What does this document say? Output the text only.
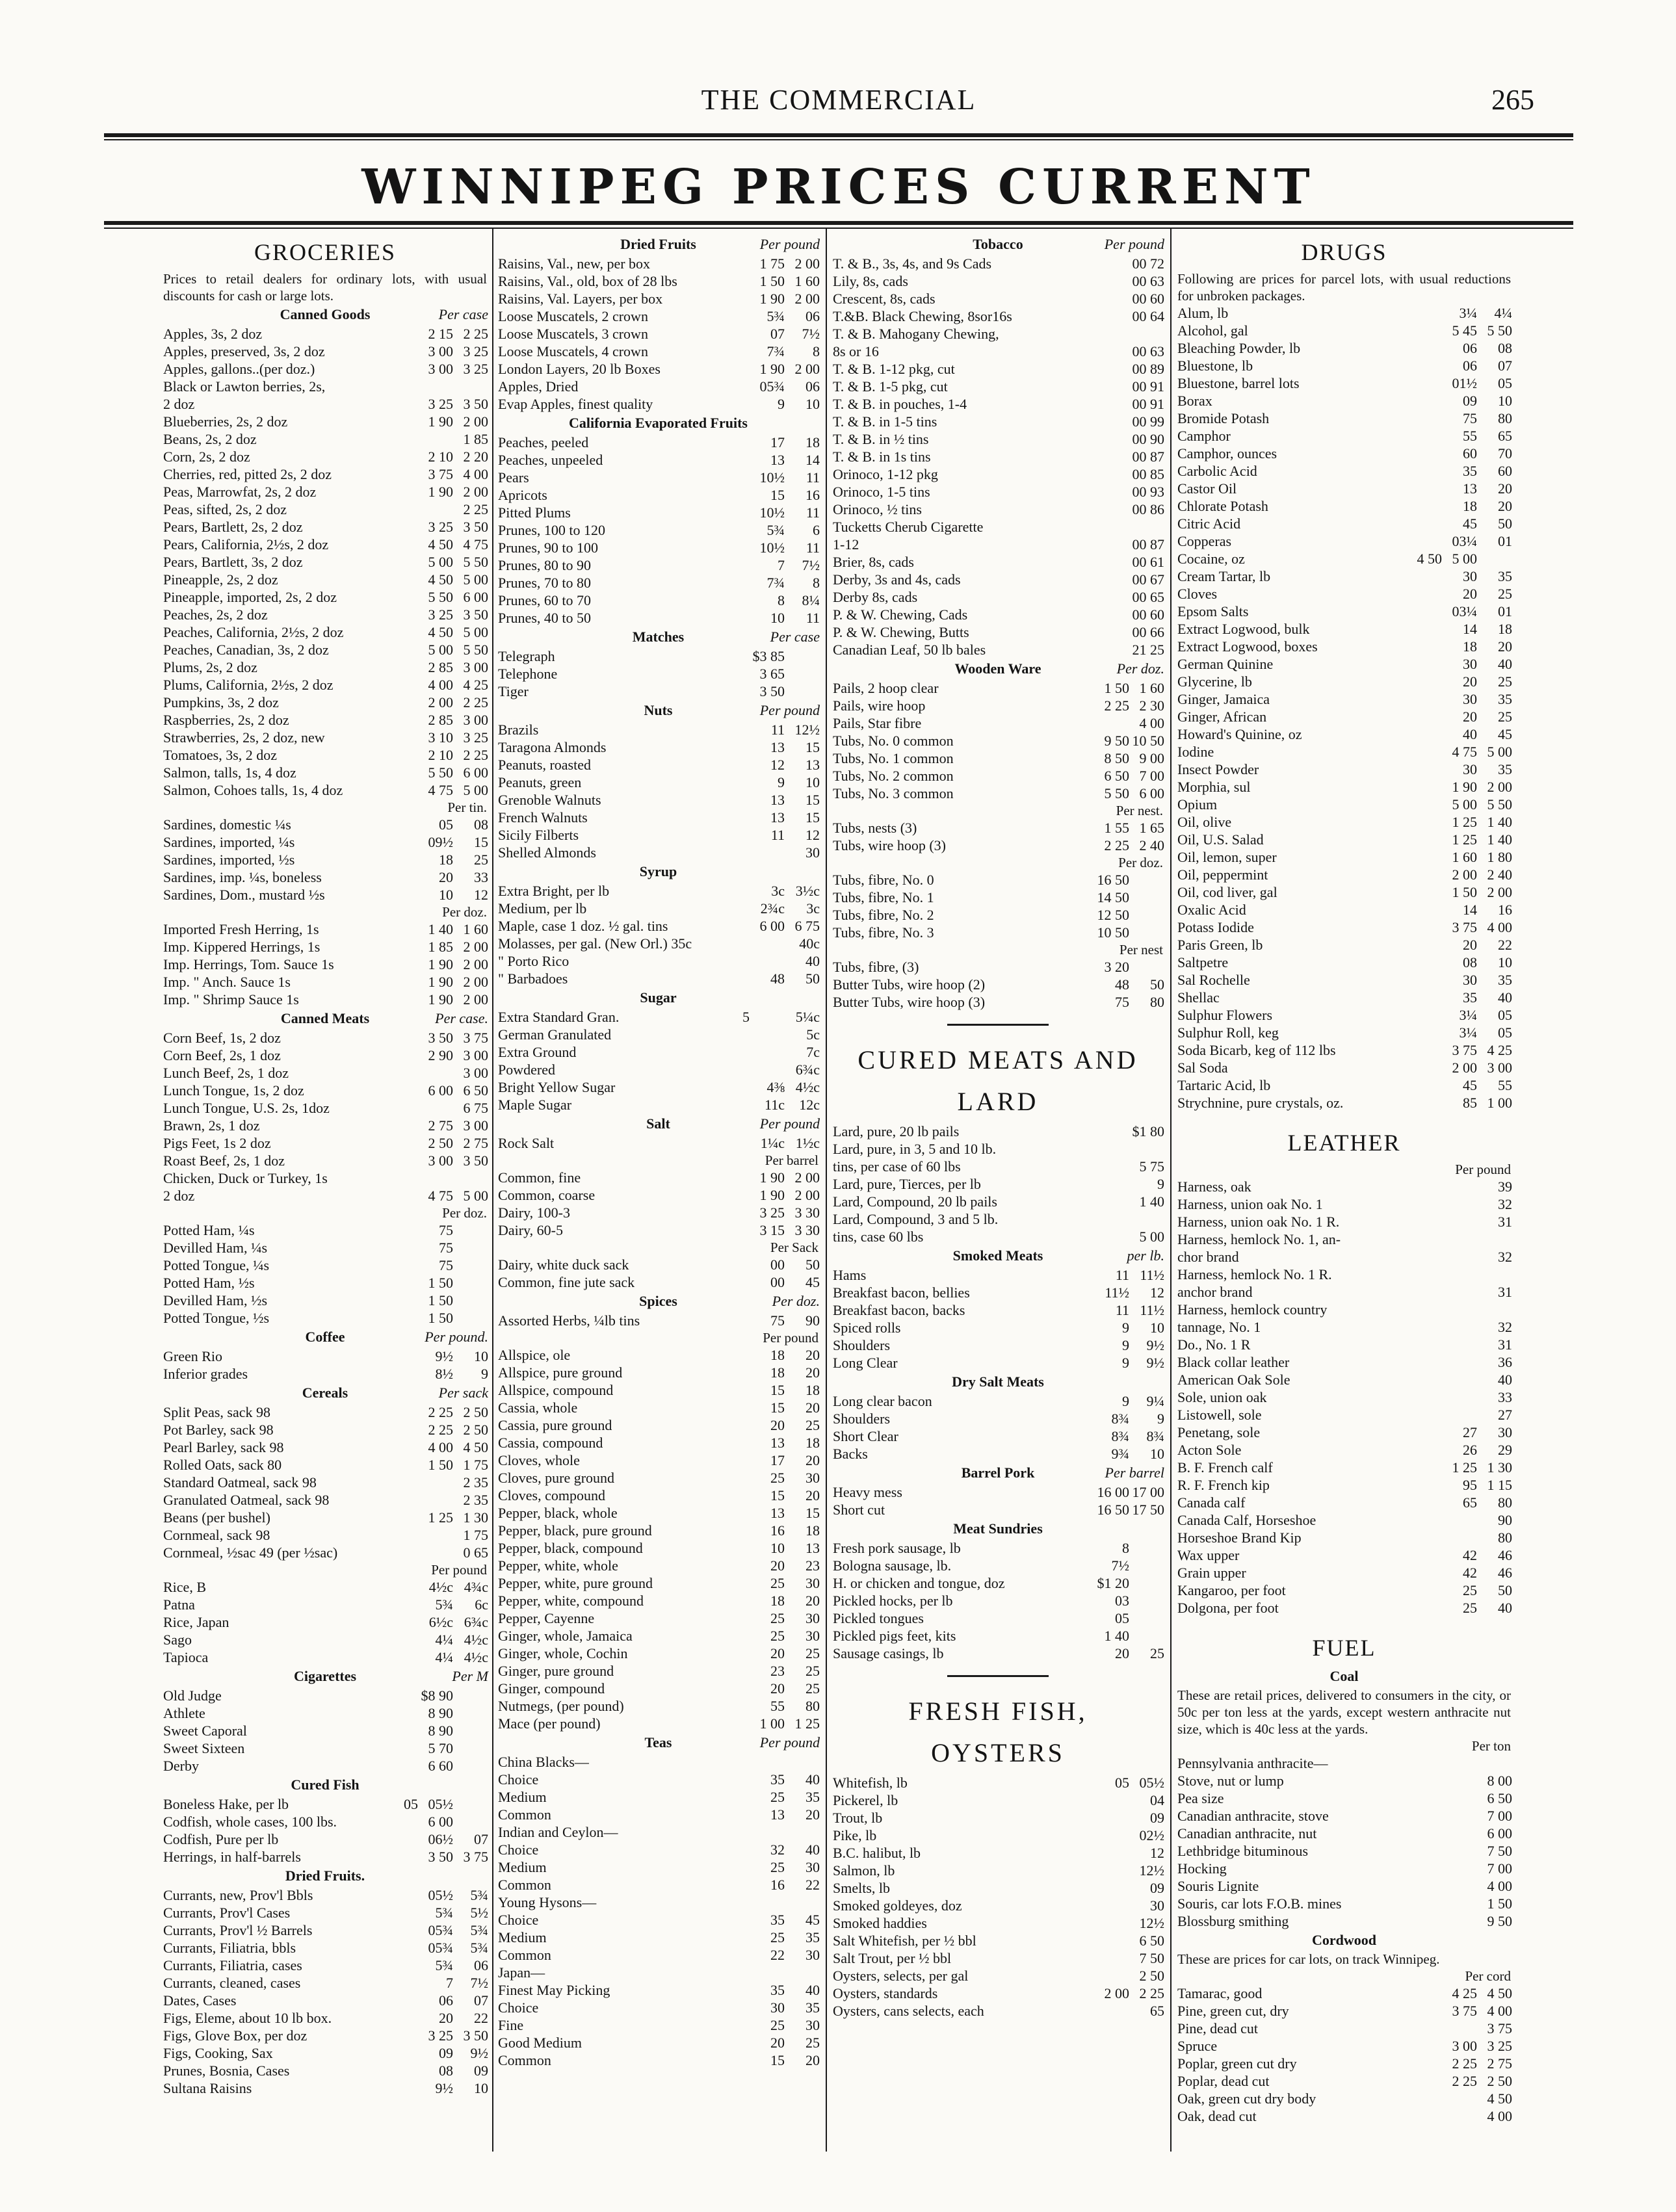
THE COMMERCIAL	265
WINNIPEG PRICES CURRENT
GROCERIES
Prices to retail dealers for ordinary lots, with usual discounts for cash or large lots.
Canned Goods	Per case
Apples, 3s, 2 doz	2 15 2 25
Apples, preserved, 3s, 2 doz	3 00 3 25
Apples, gallons..(per doz.)	3 00 3 25
Black or Lawton berries, 2s,
2 doz	3 25 3 50
Blueberries, 2s, 2 doz	1 90 2 00
Beans, 2s, 2 doz	1 85
Corn, 2s, 2 doz	2 10 2 20
Cherries, red, pitted 2s, 2 doz	3 75 4 00
Peas, Marrowfat, 2s, 2 doz	1 90 2 00
Peas, sifted, 2s, 2 doz	2 25
Pears, Bartlett, 2s, 2 doz	3 25 3 50
Pears, California, 2½s, 2 doz	4 50 4 75
Pears, Bartlett, 3s, 2 doz	5 00 5 50
Pineapple, 2s, 2 doz	4 50 5 00
Pineapple, imported, 2s, 2 doz	5 50 6 00
Peaches, 2s, 2 doz	3 25 3 50
Peaches, California, 2½s, 2 doz	4 50 5 00
Peaches, Canadian, 3s, 2 doz	5 00 5 50
Plums, 2s, 2 doz	2 85 3 00
Plums, California, 2½s, 2 doz	4 00 4 25
Pumpkins, 3s, 2 doz	2 00 2 25
Raspberries, 2s, 2 doz	2 85 3 00
Strawberries, 2s, 2 doz, new	3 10 3 25
Tomatoes, 3s, 2 doz	2 10 2 25
Salmon, talls, 1s, 4 doz	5 50 6 00
Salmon, Cohoes talls, 1s, 4 doz	4 75 5 00
Per tin.
Sardines, domestic ¼s	05 08
Sardines, imported, ¼s	09½ 15
Sardines, imported, ½s	18 25
Sardines, imp. ¼s, boneless	20 33
Sardines, Dom., mustard ½s	10 12
Per doz.
Imported Fresh Herring, 1s	1 40 1 60
Imp. Kippered Herrings, 1s	1 85 2 00
Imp. Herrings, Tom. Sauce 1s	1 90 2 00
Imp. " Anch. Sauce 1s	1 90 2 00
Imp. " Shrimp Sauce 1s	1 90 2 00
Canned Meats	Per case.
Corn Beef, 1s, 2 doz	3 50 3 75
Corn Beef, 2s, 1 doz	2 90 3 00
Lunch Beef, 2s, 1 doz	3 00
Lunch Tongue, 1s, 2 doz	6 00 6 50
Lunch Tongue, U.S. 2s, 1doz	6 75
Brawn, 2s, 1 doz	2 75 3 00
Pigs Feet, 1s 2 doz	2 50 2 75
Roast Beef, 2s, 1 doz	3 00 3 50
Chicken, Duck or Turkey, 1s
2 doz	4 75 5 00
Per doz.
Potted Ham, ¼s	75
Devilled Ham, ¼s	75
Potted Tongue, ¼s	75
Potted Ham, ½s	1 50
Devilled Ham, ½s	1 50
Potted Tongue, ½s	1 50
Coffee	Per pound.
Green Rio	9½ 10
Inferior grades	8½ 9
Cereals	Per sack
Split Peas, sack 98	2 25 2 50
Pot Barley, sack 98	2 25 2 50
Pearl Barley, sack 98	4 00 4 50
Rolled Oats, sack 80	1 50 1 75
Standard Oatmeal, sack 98	2 35
Granulated Oatmeal, sack 98	2 35
Beans (per bushel)	1 25 1 30
Cornmeal, sack 98	1 75
Cornmeal, ½sac 49 (per ½sac)	0 65
Per pound
Rice, B	4½c 4¾c
Patna	5¾ 6c
Rice, Japan	6½c 6¾c
Sago	4¼ 4½c
Tapioca	4¼ 4½c
Cigarettes	Per M
Old Judge	$8 90
Athlete	8 90
Sweet Caporal	8 90
Sweet Sixteen	5 70
Derby	6 60
Cured Fish
Boneless Hake, per lb	05 05½
Codfish, whole cases, 100 lbs.	6 00
Codfish, Pure per lb	06½ 07
Herrings, in half-barrels	3 50 3 75
Dried Fruits.
Currants, new, Prov'l Bbls	05½ 5¾
Currants, Prov'l Cases	5¾ 5½
Currants, Prov'l ½ Barrels	05¾ 5¾
Currants, Filiatria, bbls	05¾ 5¾
Currants, Filiatria, cases	5¾ 06
Currants, cleaned, cases	7 7½
Dates, Cases	06 07
Figs, Eleme, about 10 lb box.	20 22
Figs, Glove Box, per doz	3 25 3 50
Figs, Cooking, Sax	09 9½
Prunes, Bosnia, Cases	08 09
Sultana Raisins	9½ 10
Dried Fruits	Per pound
Raisins, Val., new, per box	1 75 2 00
Raisins, Val., old, box of 28 lbs	1 50 1 60
Raisins, Val. Layers, per box	1 90 2 00
Loose Muscatels, 2 crown	5¾ 06
Loose Muscatels, 3 crown	07 7½
Loose Muscatels, 4 crown	7¾ 8
London Layers, 20 lb Boxes	1 90 2 00
Apples, Dried	05¾ 06
Evap Apples, finest quality	9 10
California Evaporated Fruits
Peaches, peeled	17 18
Peaches, unpeeled	13 14
Pears	10½ 11
Apricots	15 16
Pitted Plums	10½ 11
Prunes, 100 to 120	5¾ 6
Prunes, 90 to 100	10½ 11
Prunes, 80 to 90	7 7½
Prunes, 70 to 80	7¾ 8
Prunes, 60 to 70	8 8¼
Prunes, 40 to 50	10 11
Matches	Per case
Telegraph	$3 85
Telephone	3 65
Tiger	3 50
Nuts	Per pound
Brazils	11 12½
Taragona Almonds	13 15
Peanuts, roasted	12 13
Peanuts, green	9 10
Grenoble Walnuts	13 15
French Walnuts	13 15
Sicily Filberts	11 12
Shelled Almonds	30
Syrup
Extra Bright, per lb	3c 3½c
Medium, per lb	2¾c 3c
Maple, case 1 doz. ½ gal. tins	6 00 6 75
Molasses, per gal. (New Orl.) 35c	40c
" Porto Rico	40
" Barbadoes	48 50
Sugar
Extra Standard Gran.	5	5¼c
German Granulated	5c
Extra Ground	7c
Powdered	6¾c
Bright Yellow Sugar	4⅜ 4½c
Maple Sugar	11c 12c
Salt	Per pound
Rock Salt	1¼c 1½c
Per barrel
Common, fine	1 90 2 00
Common, coarse	1 90 2 00
Dairy, 100-3	3 25 3 30
Dairy, 60-5	3 15 3 30
Per Sack
Dairy, white duck sack	00 50
Common, fine jute sack	00 45
Spices	Per doz.
Assorted Herbs, ¼lb tins	75 90
Per pound
Allspice, ole	18 20
Allspice, pure ground	18 20
Allspice, compound	15 18
Cassia, whole	15 20
Cassia, pure ground	20 25
Cassia, compound	13 18
Cloves, whole	17 20
Cloves, pure ground	25 30
Cloves, compound	15 20
Pepper, black, whole	13 15
Pepper, black, pure ground	16 18
Pepper, black, compound	10 13
Pepper, white, whole	20 23
Pepper, white, pure ground	25 30
Pepper, white, compound	18 20
Pepper, Cayenne	25 30
Ginger, whole, Jamaica	25 30
Ginger, whole, Cochin	20 25
Ginger, pure ground	23 25
Ginger, compound	20 25
Nutmegs, (per pound)	55 80
Mace (per pound)	1 00 1 25
Teas	Per pound
China Blacks—
Choice	35 40
Medium	25 35
Common	13 20
Indian and Ceylon—
Choice	32 40
Medium	25 30
Common	16 22
Young Hysons—
Choice	35 45
Medium	25 35
Common	22 30
Japan—
Finest May Picking	35 40
Choice	30 35
Fine	25 30
Good Medium	20 25
Common	15 20
Tobacco	Per pound
T. & B., 3s, 4s, and 9s Cads	00 72
Lily, 8s, cads	00 63
Crescent, 8s, cads	00 60
T.&B. Black Chewing, 8sor16s	00 64
T. & B. Mahogany Chewing,
8s or 16	00 63
T. & B. 1-12 pkg, cut	00 89
T. & B. 1-5 pkg, cut	00 91
T. & B. in pouches, 1-4	00 91
T. & B. in 1-5 tins	00 99
T. & B. in ½ tins	00 90
T. & B. in 1s tins	00 87
Orinoco, 1-12 pkg	00 85
Orinoco, 1-5 tins	00 93
Orinoco, ½ tins	00 86
Tucketts Cherub Cigarette
1-12	00 87
Brier, 8s, cads	00 61
Derby, 3s and 4s, cads	00 67
Derby 8s, cads	00 65
P. & W. Chewing, Cads	00 60
P. & W. Chewing, Butts	00 66
Canadian Leaf, 50 lb bales	21 25
Wooden Ware	Per doz.
Pails, 2 hoop clear	1 50 1 60
Pails, wire hoop	2 25 2 30
Pails, Star fibre	4 00
Tubs, No. 0 common	9 50 10 50
Tubs, No. 1 common	8 50 9 00
Tubs, No. 2 common	6 50 7 00
Tubs, No. 3 common	5 50 6 00
Per nest.
Tubs, nests (3)	1 55 1 65
Tubs, wire hoop (3)	2 25 2 40
Per doz.
Tubs, fibre, No. 0	16 50
Tubs, fibre, No. 1	14 50
Tubs, fibre, No. 2	12 50
Tubs, fibre, No. 3	10 50
Per nest
Tubs, fibre, (3)	3 20
Butter Tubs, wire hoop (2)	48 50
Butter Tubs, wire hoop (3)	75 80
CURED MEATS AND
LARD
Lard, pure, 20 lb pails	$1 80
Lard, pure, in 3, 5 and 10 lb.
tins, per case of 60 lbs	5 75
Lard, pure, Tierces, per lb	9
Lard, Compound, 20 lb pails	1 40
Lard, Compound, 3 and 5 lb.
tins, case 60 lbs	5 00
Smoked Meats	per lb.
Hams	11 11½
Breakfast bacon, bellies	11½ 12
Breakfast bacon, backs	11 11½
Spiced rolls	9 10
Shoulders	9 9½
Long Clear	9 9½
Dry Salt Meats
Long clear bacon	9 9¼
Shoulders	8¾ 9
Short Clear	8¾ 8¾
Backs	9¾ 10
Barrel Pork	Per barrel
Heavy mess	16 00 17 00
Short cut	16 50 17 50
Meat Sundries
Fresh pork sausage, lb	8
Bologna sausage, lb.	7½
H. or chicken and tongue, doz	$1 20
Pickled hocks, per lb	03
Pickled tongues	05
Pickled pigs feet, kits	1 40
Sausage casings, lb	20 25
FRESH FISH,
OYSTERS
Whitefish, lb	05 05½
Pickerel, lb	04
Trout, lb	09
Pike, lb	02½
B.C. halibut, lb	12
Salmon, lb	12½
Smelts, lb	09
Smoked goldeyes, doz	30
Smoked haddies	12½
Salt Whitefish, per ½ bbl	6 50
Salt Trout, per ½ bbl	7 50
Oysters, selects, per gal	2 50
Oysters, standards	2 00 2 25
Oysters, cans selects, each	65
DRUGS
Following are prices for parcel lots, with usual reductions for unbroken packages.
Alum, lb	3¼ 4¼
Alcohol, gal	5 45 5 50
Bleaching Powder, lb	06 08
Bluestone, lb	06 07
Bluestone, barrel lots	01½ 05
Borax	09 10
Bromide Potash	75 80
Camphor	55 65
Camphor, ounces	60 70
Carbolic Acid	35 60
Castor Oil	13 20
Chlorate Potash	18 20
Citric Acid	45 50
Copperas	03¼ 01
Cocaine, oz	4 50 5 00
Cream Tartar, lb	30 35
Cloves	20 25
Epsom Salts	03¼ 01
Extract Logwood, bulk	14 18
Extract Logwood, boxes	18 20
German Quinine	30 40
Glycerine, lb	20 25
Ginger, Jamaica	30 35
Ginger, African	20 25
Howard's Quinine, oz	40 45
Iodine	4 75 5 00
Insect Powder	30 35
Morphia, sul	1 90 2 00
Opium	5 00 5 50
Oil, olive	1 25 1 40
Oil, U.S. Salad	1 25 1 40
Oil, lemon, super	1 60 1 80
Oil, peppermint	2 00 2 40
Oil, cod liver, gal	1 50 2 00
Oxalic Acid	14 16
Potass Iodide	3 75 4 00
Paris Green, lb	20 22
Saltpetre	08 10
Sal Rochelle	30 35
Shellac	35 40
Sulphur Flowers	3¼ 05
Sulphur Roll, keg	3¼ 05
Soda Bicarb, keg of 112 lbs	3 75 4 25
Sal Soda	2 00 3 00
Tartaric Acid, lb	45 55
Strychnine, pure crystals, oz.	85 1 00
LEATHER
Per pound
Harness, oak	39
Harness, union oak No. 1	32
Harness, union oak No. 1 R.	31
Harness, hemlock No. 1, an-
chor brand	32
Harness, hemlock No. 1 R.
anchor brand	31
Harness, hemlock country
tannage, No. 1	32
Do., No. 1 R	31
Black collar leather	36
American Oak Sole	40
Sole, union oak	33
Listowell, sole	27
Penetang, sole	27 30
Acton Sole	26 29
B. F. French calf	1 25 1 30
R. F. French kip	95 1 15
Canada calf	65 80
Canada Calf, Horseshoe	90
Horseshoe Brand Kip	80
Wax upper	42 46
Grain upper	42 46
Kangaroo, per foot	25 50
Dolgona, per foot	25 40
FUEL
Coal
These are retail prices, delivered to consumers in the city, or 50c per ton less at the yards, except western anthracite nut size, which is 40c less at the yards.
Per ton
Pennsylvania anthracite—
Stove, nut or lump	8 00
Pea size	6 50
Canadian anthracite, stove	7 00
Canadian anthracite, nut	6 00
Lethbridge bituminous	7 50
Hocking	7 00
Souris Lignite	4 00
Souris, car lots F.O.B. mines	1 50
Blossburg smithing	9 50
Cordwood
These are prices for car lots, on track Winnipeg.
Per cord
Tamarac, good	4 25 4 50
Pine, green cut, dry	3 75 4 00
Pine, dead cut	3 75
Spruce	3 00 3 25
Poplar, green cut dry	2 25 2 75
Poplar, dead cut	2 25 2 50
Oak, green cut dry body	4 50
Oak, dead cut	4 00
